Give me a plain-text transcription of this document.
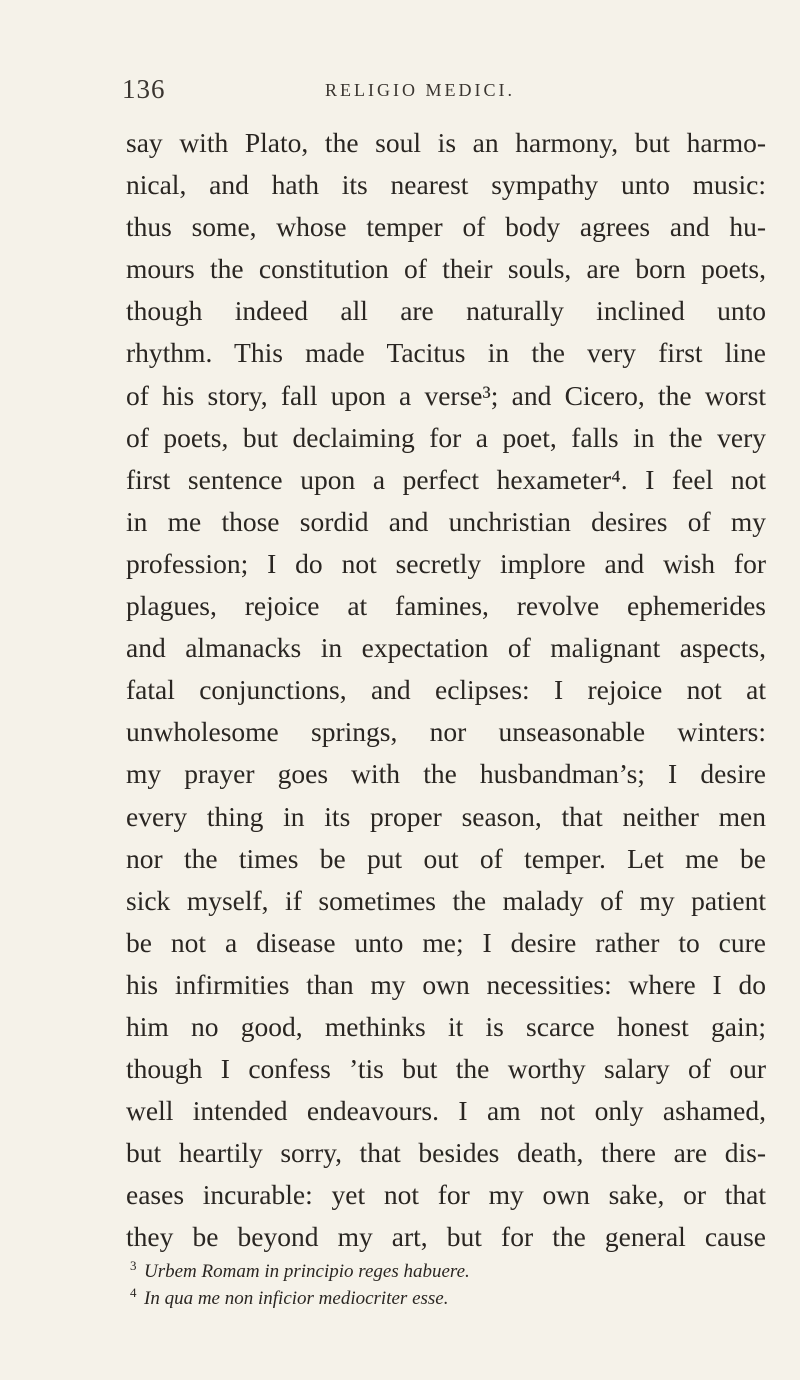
136	RELIGIO MEDICI.
say with Plato, the soul is an harmony, but harmo-
nical, and hath its nearest sympathy unto music:
thus some, whose temper of body agrees and hu-
mours the constitution of their souls, are born poets,
though indeed all are naturally inclined unto
rhythm. This made Tacitus in the very first line
of his story, fall upon a verse³; and Cicero, the worst
of poets, but declaiming for a poet, falls in the very
first sentence upon a perfect hexameter⁴. I feel not
in me those sordid and unchristian desires of my
profession; I do not secretly implore and wish for
plagues, rejoice at famines, revolve ephemerides
and almanacks in expectation of malignant aspects,
fatal conjunctions, and eclipses: I rejoice not at
unwholesome springs, nor unseasonable winters:
my prayer goes with the husbandman’s; I desire
every thing in its proper season, that neither men
nor the times be put out of temper. Let me be
sick myself, if sometimes the malady of my patient
be not a disease unto me; I desire rather to cure
his infirmities than my own necessities: where I do
him no good, methinks it is scarce honest gain;
though I confess ’tis but the worthy salary of our
well intended endeavours. I am not only ashamed,
but heartily sorry, that besides death, there are dis-
eases incurable: yet not for my own sake, or that
they be beyond my art, but for the general cause
3 Urbem Romam in principio reges habuere.
4 In qua me non inficior mediocriter esse.
